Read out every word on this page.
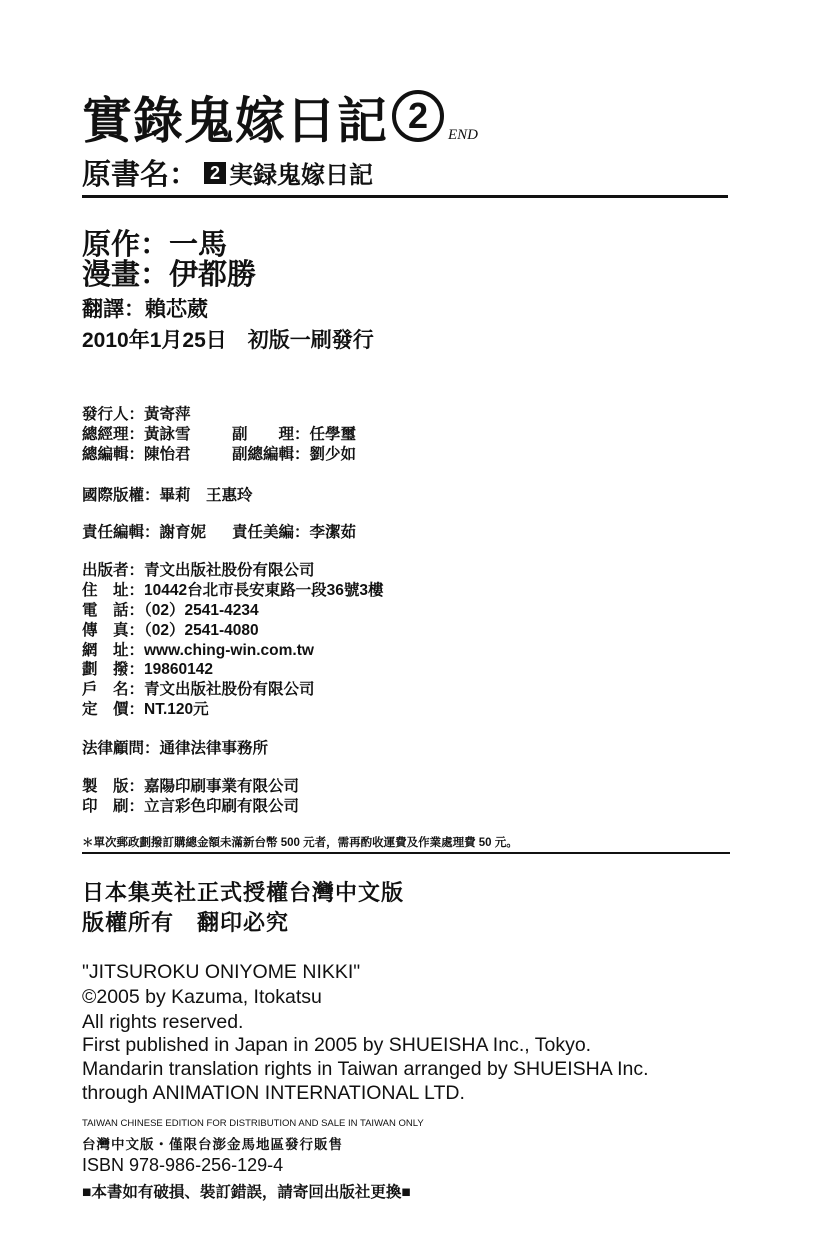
實錄鬼嫁日記 2	END
原書名： 2 実録鬼嫁日記
原作：一馬
漫畫：伊都勝
翻譯：賴芯葳
2010年1月25日　初版一刷發行
發行人：黃寄萍
總經理：黃詠雪	副　　理：任學璽
總編輯：陳怡君	副總編輯：劉少如
國際版權：畢莉　王惠玲
責任編輯：謝育妮 責任美編：李潔茹
出版者：青文出版社股份有限公司
住　址：10442台北市長安東路一段36號3樓
電　話：（02）2541-4234
傳　真：（02）2541-4080
網　址：www.ching-win.com.tw
劃　撥：19860142
戶　名：青文出版社股份有限公司
定　價：NT.120元
法律顧問：通律法律事務所
製　版：嘉陽印刷事業有限公司
印　刷：立言彩色印刷有限公司
＊單次郵政劃撥訂購總金額未滿新台幣 500 元者，需再酌收運費及作業處理費 50 元。
日本集英社正式授權台灣中文版
版權所有　翻印必究
"JITSUROKU ONIYOME NIKKI"
©2005 by Kazuma, Itokatsu
All rights reserved.
First published in Japan in 2005 by SHUEISHA Inc., Tokyo.
Mandarin translation rights in Taiwan arranged by SHUEISHA Inc.
through ANIMATION INTERNATIONAL LTD.
TAIWAN CHINESE EDITION FOR DISTRIBUTION AND SALE IN TAIWAN ONLY
台灣中文版・僅限台澎金馬地區發行販售
ISBN 978-986-256-129-4
■本書如有破損、裝訂錯誤，請寄回出版社更換■
